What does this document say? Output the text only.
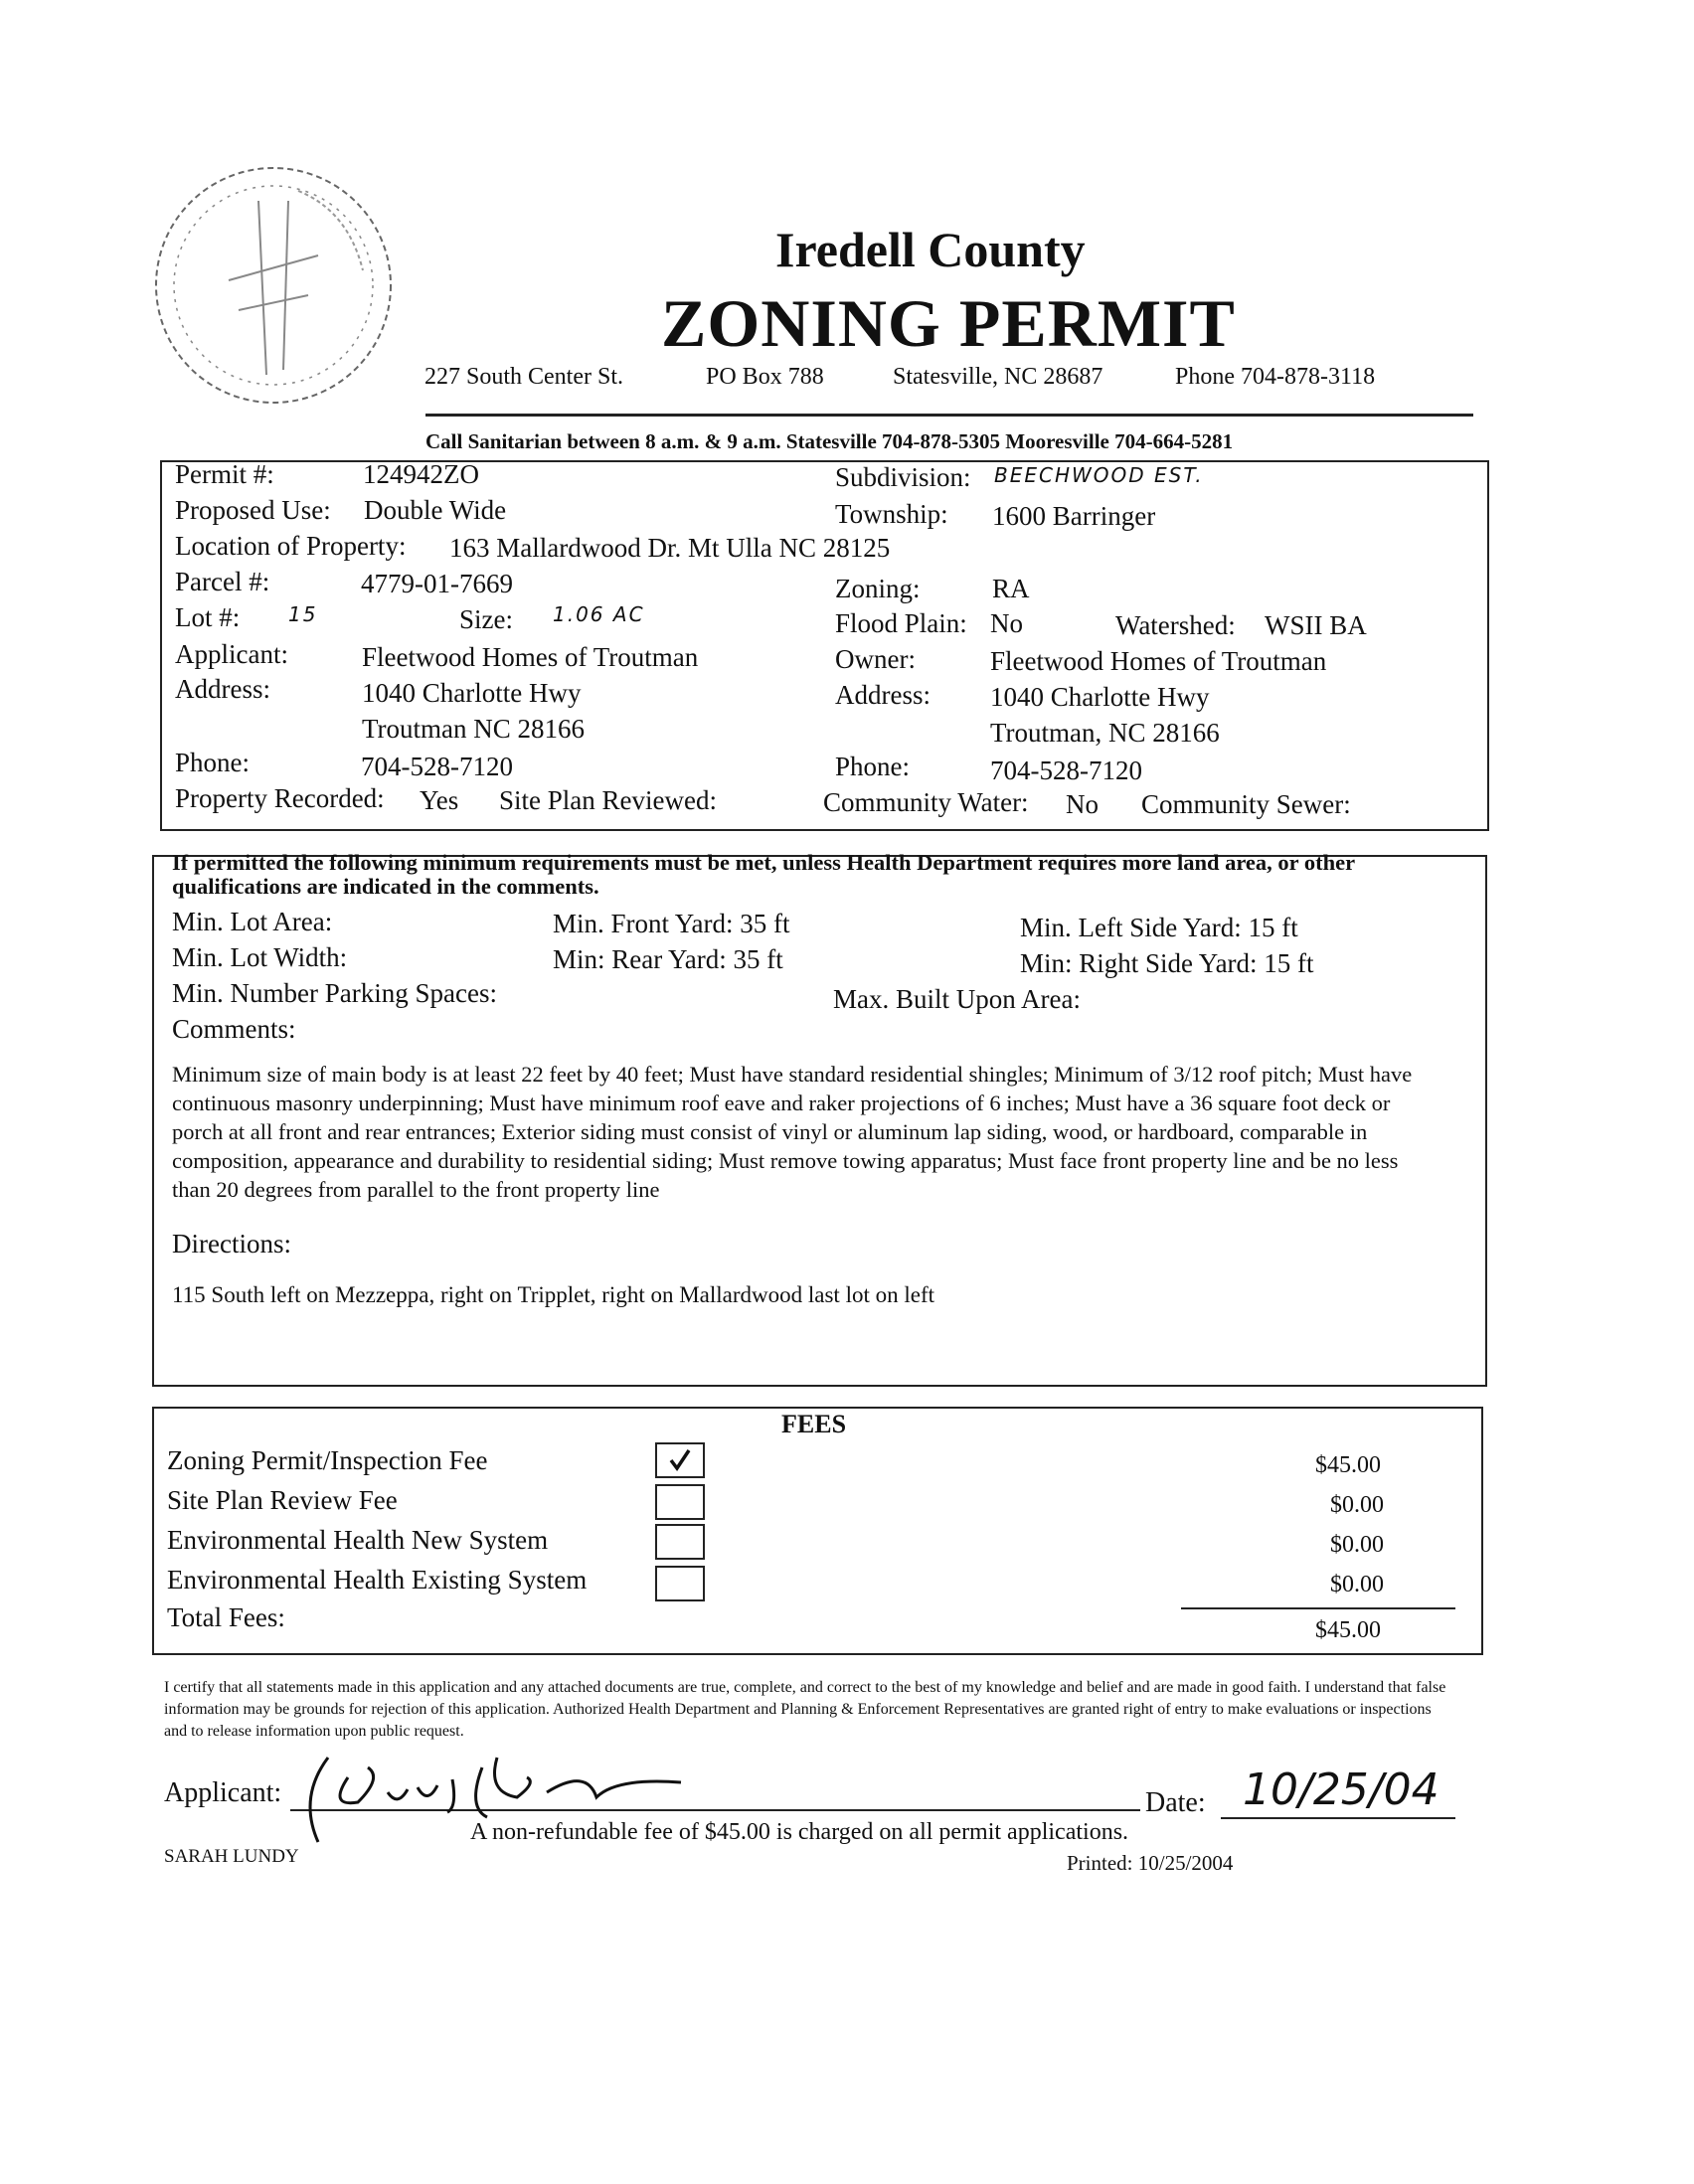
Iredell County
ZONING PERMIT
227 South Center St.	PO Box 788	Statesville, NC 28687	Phone 704-878-3118
Call Sanitarian between 8 a.m. & 9 a.m. Statesville 704-878-5305 Mooresville 704-664-5281
Permit #:	124942ZO	Subdivision: BEECHWOOD EST.
Proposed Use: Double Wide	Township: 1600 Barringer
Location of Property: 163 Mallardwood Dr. Mt Ulla NC 28125
Parcel #:	4779-01-7669	Zoning:	RA
Lot #: 15	Size: 1.06 AC	Flood Plain: No	Watershed: WSII BA
Applicant:	Fleetwood Homes of Troutman	Owner:	Fleetwood Homes of Troutman
Address:	1040 Charlotte Hwy	Address: 1040 Charlotte Hwy
Troutman NC 28166	Troutman, NC 28166
Phone:	704-528-7120	Phone:	704-528-7120
Property Recorded: Yes Site Plan Reviewed:	Community Water: No Community Sewer:
If permitted the following minimum requirements must be met, unless Health Department requires more land area, or other qualifications are indicated in the comments.
Min. Lot Area:	Min. Front Yard: 35 ft	Min. Left Side Yard: 15 ft
Min. Lot Width:	Min: Rear Yard: 35 ft	Min: Right Side Yard: 15 ft
Min. Number Parking Spaces:	Max. Built Upon Area:
Comments:
Minimum size of main body is at least 22 feet by 40 feet; Must have standard residential shingles; Minimum of 3/12 roof pitch; Must have continuous masonry underpinning; Must have minimum roof eave and raker projections of 6 inches; Must have a 36 square foot deck or porch at all front and rear entrances; Exterior siding must consist of vinyl or aluminum lap siding, wood, or hardboard, comparable in composition, appearance and durability to residential siding; Must remove towing apparatus; Must face front property line and be no less than 20 degrees from parallel to the front property line
Directions:
115 South left on Mezzeppa, right on Tripplet, right on Mallardwood last lot on left
FEES
Zoning Permit/Inspection Fee	$45.00
Site Plan Review Fee	$0.00
Environmental Health New System	$0.00
Environmental Health Existing System	$0.00
Total Fees:	$45.00
I certify that all statements made in this application and any attached documents are true, complete, and correct to the best of my knowledge and belief and are made in good faith. I understand that false information may be grounds for rejection of this application. Authorized Health Department and Planning & Enforcement Representatives are granted right of entry to make evaluations or inspections and to release information upon public request.
Applicant:	Date: 10/25/04
A non-refundable fee of $45.00 is charged on all permit applications.
SARAH LUNDY	Printed: 10/25/2004
